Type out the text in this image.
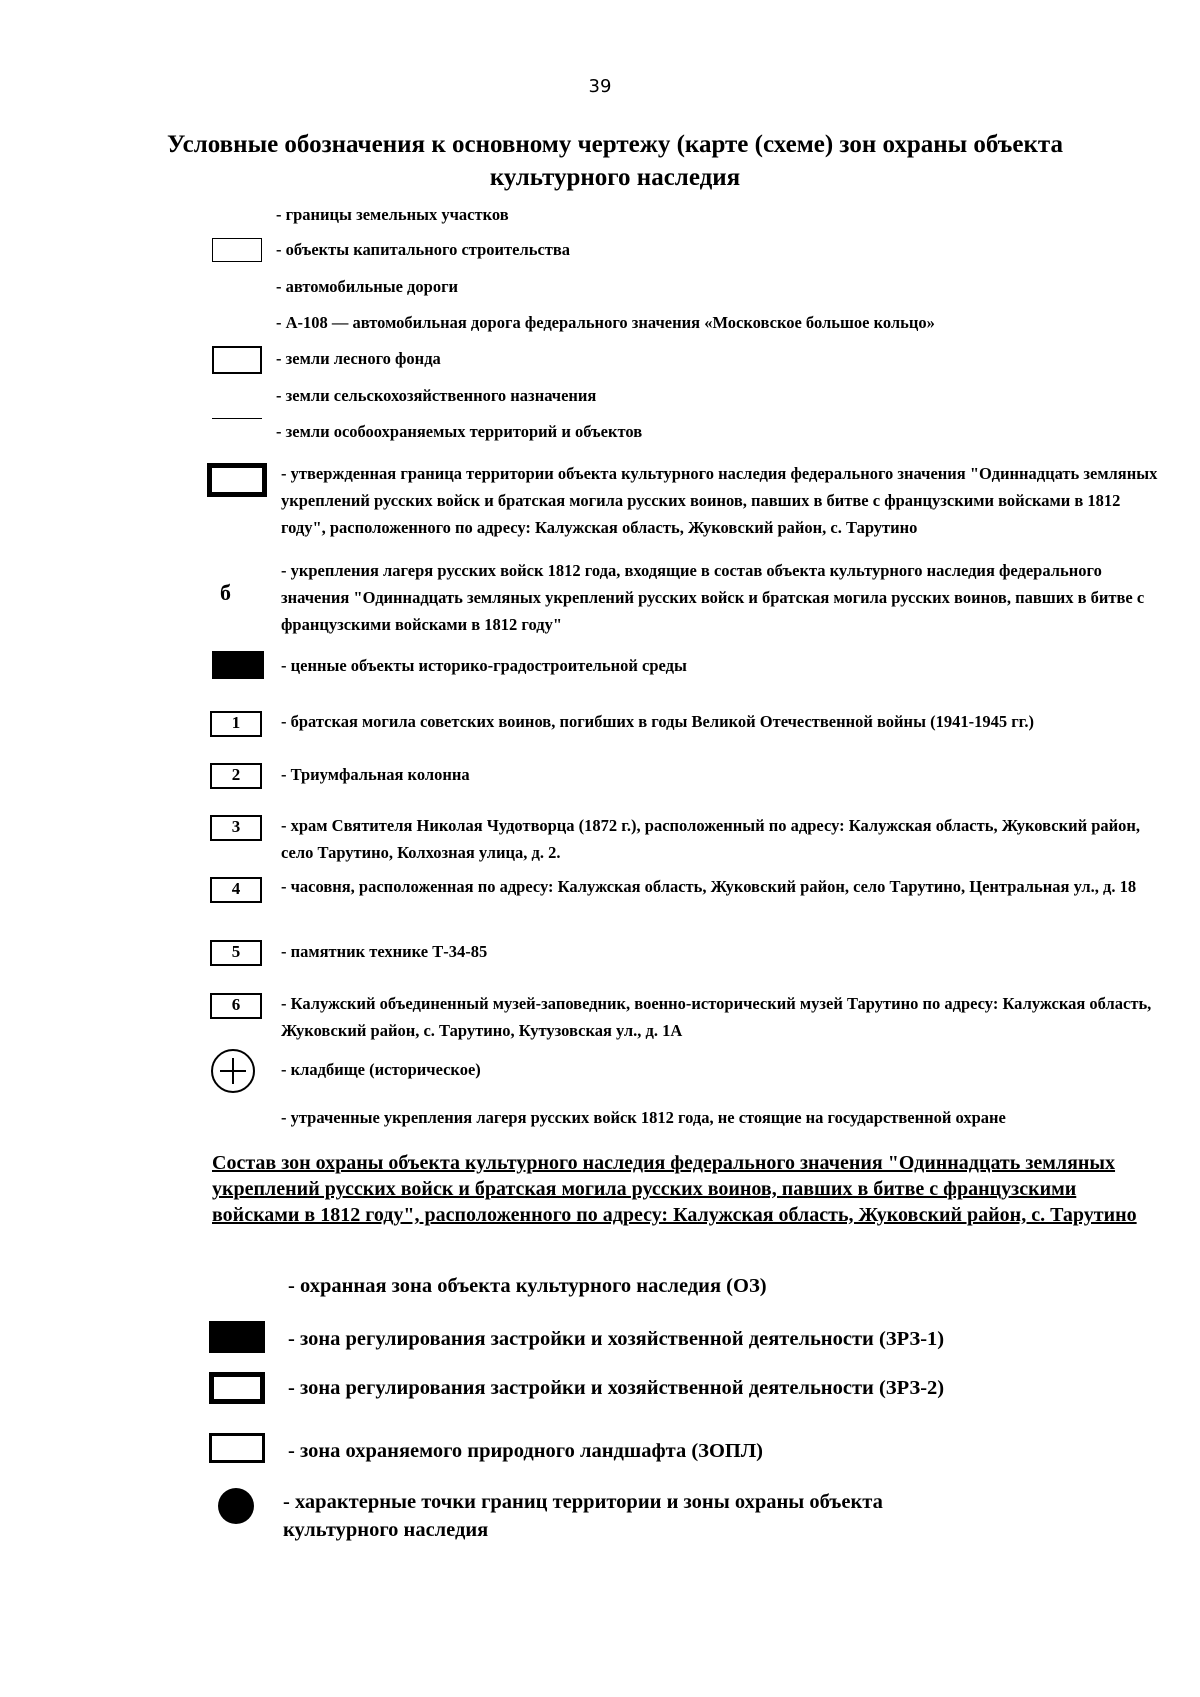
39
Условные обозначения к основному чертежу (карте (схеме) зон охраны объекта культурного наследия
- границы земельных участков
- объекты капитального строительства
- автомобильные дороги
- А-108 — автомобильная дорога федерального значения «Московское большое кольцо»
- земли лесного фонда
- земли сельскохозяйственного назначения
- земли особоохраняемых территорий и объектов
- утвержденная граница территории объекта культурного наследия федерального значения "Одиннадцать земляных укреплений русских войск и братская могила русских воинов, павших в битве с французскими войсками в 1812 году", расположенного по адресу: Калужская область, Жуковский район, с. Тарутино
б
- укрепления лагеря русских войск 1812 года, входящие в состав объекта культурного наследия федерального значения "Одиннадцать земляных укреплений русских войск и братская могила русских воинов, павших в битве с французскими войсками в 1812 году"
- ценные объекты историко-градостроительной среды
1	- братская могила советских воинов, погибших в годы Великой Отечественной войны (1941-1945 гг.)
2	- Триумфальная колонна
3	- храм Святителя Николая Чудотворца (1872 г.), расположенный по адресу: Калужская область, Жуковский район, село Тарутино, Колхозная улица, д. 2.
4	- часовня, расположенная по адресу: Калужская область, Жуковский район, село Тарутино, Центральная ул., д. 18
5	- памятник технике Т-34-85
6	- Калужский объединенный музей-заповедник, военно-исторический музей Тарутино по адресу: Калужская область, Жуковский район, с. Тарутино, Кутузовская ул., д. 1А
- кладбище (историческое)
- утраченные укрепления лагеря русских войск 1812 года, не стоящие на государственной охране
Состав зон охраны объекта культурного наследия федерального значения "Одиннадцать земляных укреплений русских войск и братская могила русских воинов, павших в битве с французскими войсками в 1812 году", расположенного по адресу: Калужская область, Жуковский район, с. Тарутино
- охранная зона объекта культурного наследия (ОЗ)
- зона регулирования застройки и хозяйственной деятельности (ЗРЗ-1)
- зона регулирования застройки и хозяйственной деятельности (ЗРЗ-2)
- зона охраняемого природного ландшафта (ЗОПЛ)
- характерные точки границ территории и зоны охраны объекта культурного наследия
